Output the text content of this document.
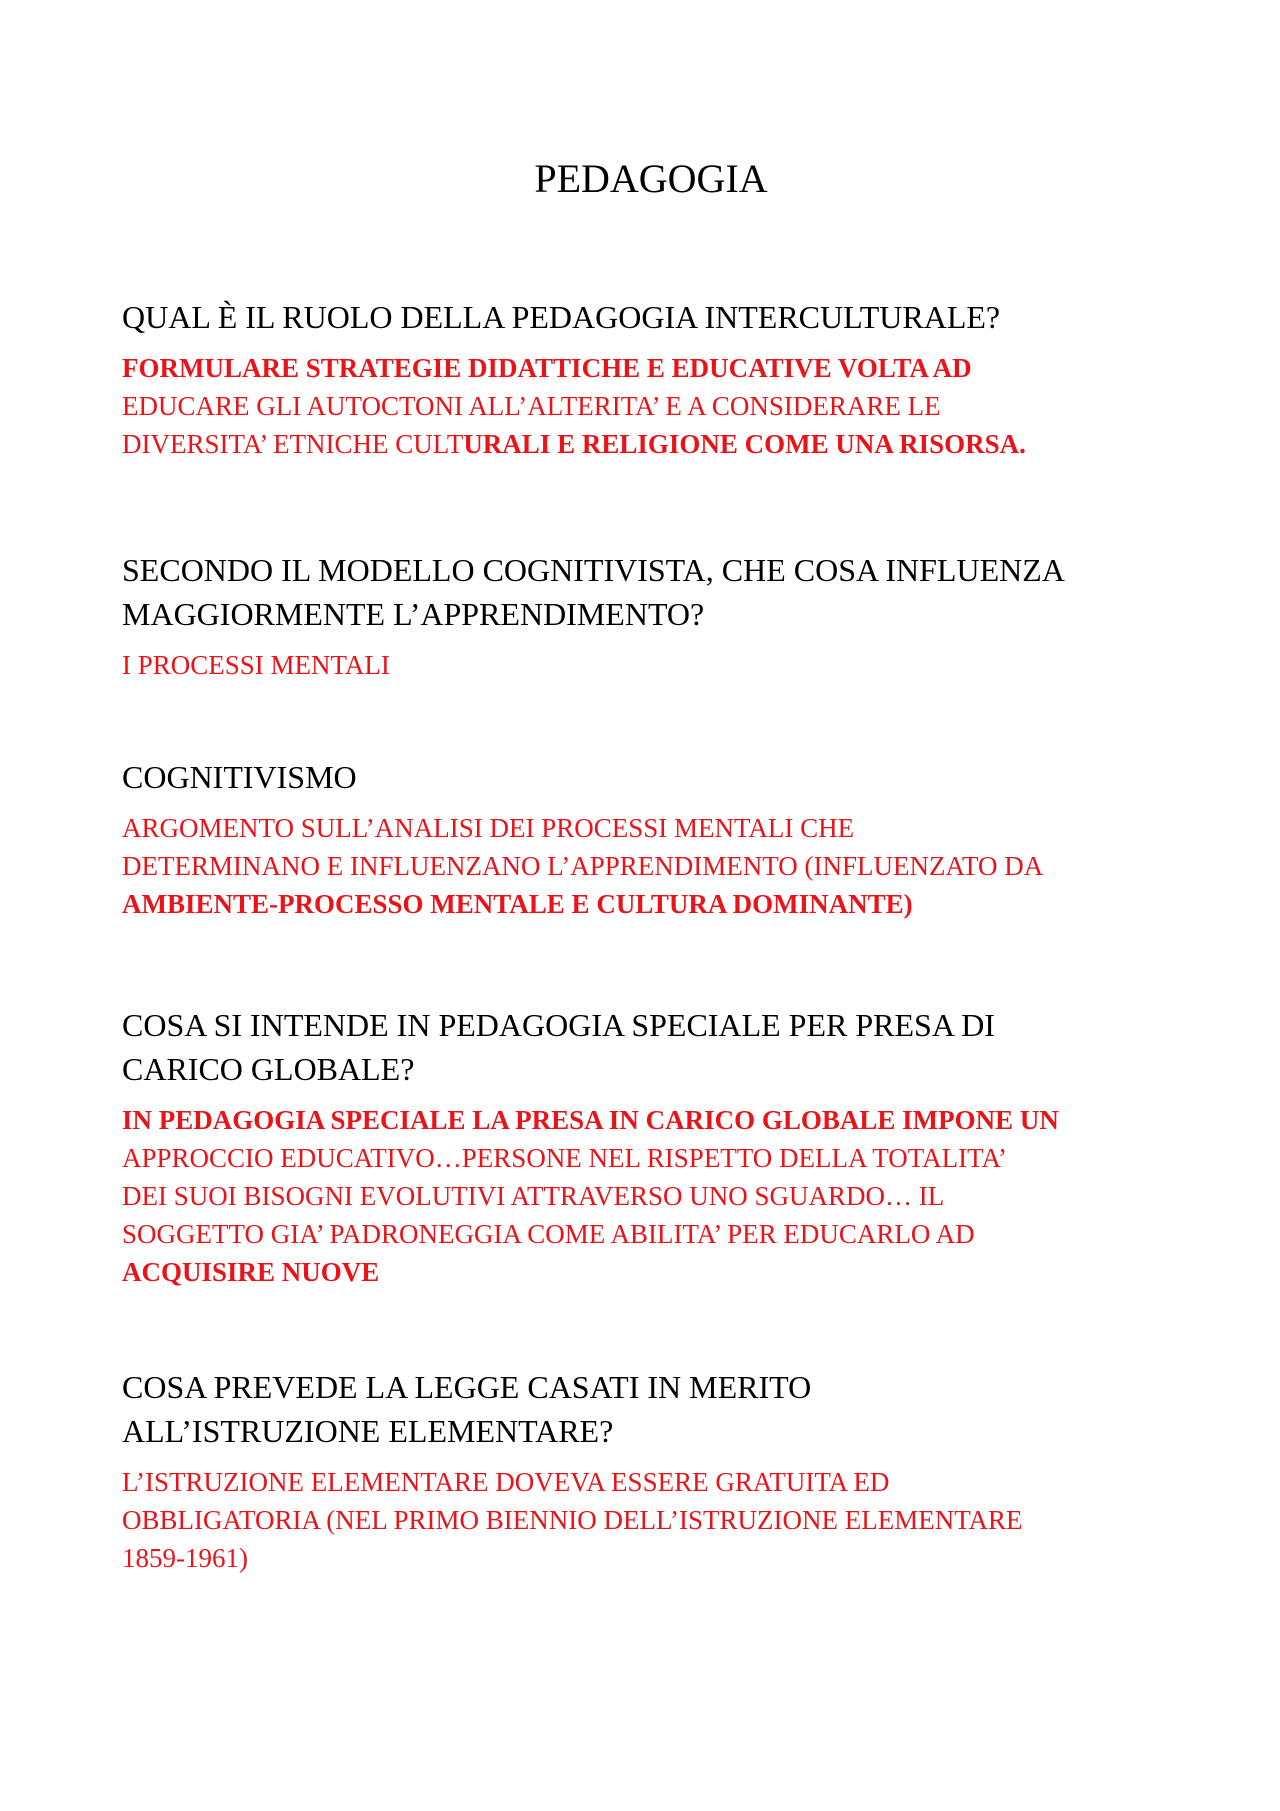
PEDAGOGIA
QUAL È IL RUOLO DELLA PEDAGOGIA INTERCULTURALE?

FORMULARE STRATEGIE DIDATTICHE E EDUCATIVE VOLTA AD
EDUCARE GLI AUTOCTONI ALL’ALTERITA’ E A CONSIDERARE LE
DIVERSITA’ ETNICHE CULTURALI E RELIGIONE COME UNA RISORSA.

SECONDO IL MODELLO COGNITIVISTA, CHE COSA INFLUENZA
MAGGIORMENTE L’APPRENDIMENTO?

I PROCESSI MENTALI

COGNITIVISMO

ARGOMENTO SULL’ANALISI DEI PROCESSI MENTALI CHE
DETERMINANO E INFLUENZANO L’APPRENDIMENTO (INFLUENZATO DA
AMBIENTE-PROCESSO MENTALE E CULTURA DOMINANTE)

COSA SI INTENDE IN PEDAGOGIA SPECIALE PER PRESA DI
CARICO GLOBALE?

IN PEDAGOGIA SPECIALE LA PRESA IN CARICO GLOBALE IMPONE UN
APPROCCIO EDUCATIVO…PERSONE NEL RISPETTO DELLA TOTALITA’
DEI SUOI BISOGNI EVOLUTIVI ATTRAVERSO UNO SGUARDO… IL
SOGGETTO GIA’ PADRONEGGIA COME ABILITA’ PER EDUCARLO AD
ACQUISIRE NUOVE

COSA PREVEDE LA LEGGE CASATI IN MERITO
ALL’ISTRUZIONE ELEMENTARE?

L’ISTRUZIONE ELEMENTARE DOVEVA ESSERE GRATUITA ED
OBBLIGATORIA (NEL PRIMO BIENNIO DELL’ISTRUZIONE ELEMENTARE
1859-1961)
